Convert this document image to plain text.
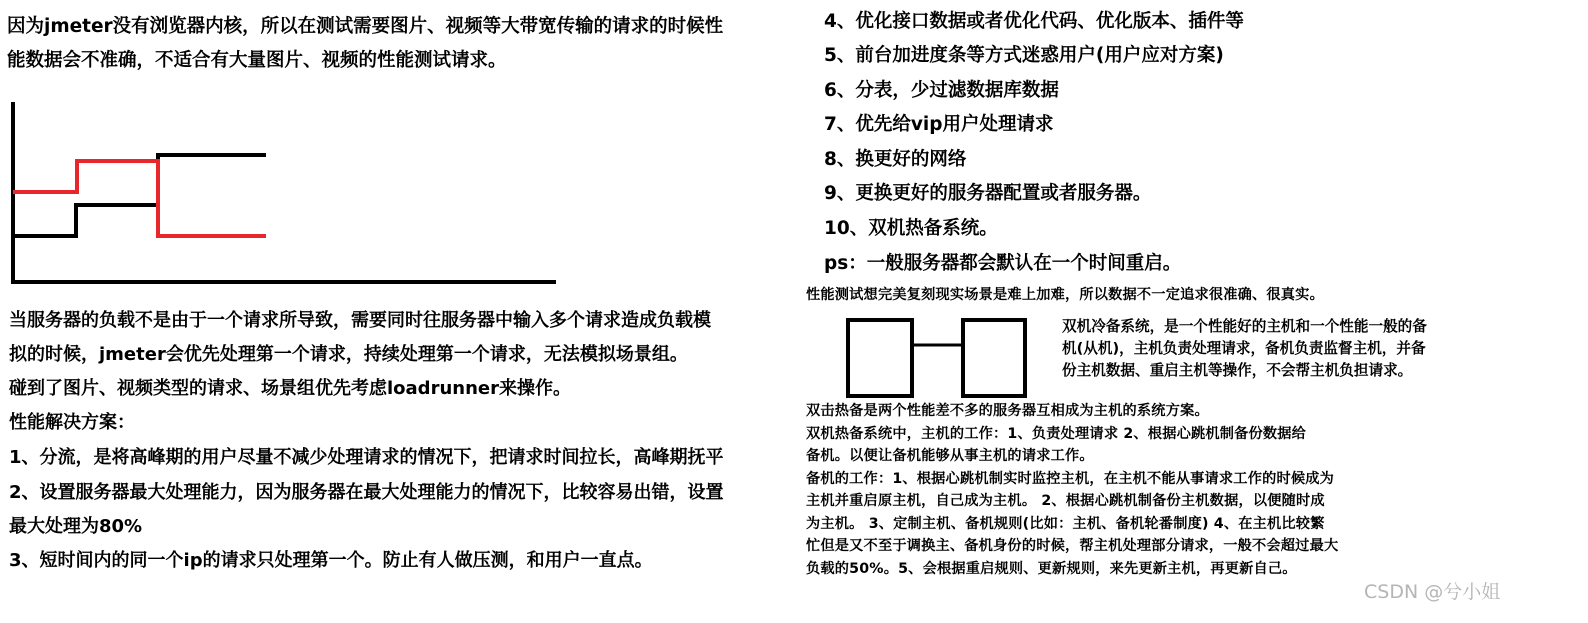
因为jmeter没有浏览器内核，所以在测试需要图片、视频等大带宽传输的请求的时候性
能数据会不准确，不适合有大量图片、视频的性能测试请求。
当服务器的负载不是由于一个请求所导致，需要同时往服务器中输入多个请求造成负载模
拟的时候，jmeter会优先处理第一个请求，持续处理第一个请求，无法模拟场景组。
碰到了图片、视频类型的请求、场景组优先考虑loadrunner来操作。
性能解决方案：
1、分流，是将高峰期的用户尽量不减少处理请求的情况下，把请求时间拉长，高峰期抚平
2、设置服务器最大处理能力，因为服务器在最大处理能力的情况下，比较容易出错，设置
最大处理为80%
3、短时间内的同一个ip的请求只处理第一个。防止有人做压测，和用户一直点。
4、优化接口数据或者优化代码、优化版本、插件等
5、前台加进度条等方式迷惑用户(用户应对方案)
6、分表，少过滤数据库数据
7、优先给vip用户处理请求
8、换更好的网络
9、更换更好的服务器配置或者服务器。
10、双机热备系统。
ps：一般服务器都会默认在一个时间重启。
性能测试想完美复刻现实场景是难上加难，所以数据不一定追求很准确、很真实。
双机冷备系统，是一个性能好的主机和一个性能一般的备
机(从机)，主机负责处理请求，备机负责监督主机，并备
份主机数据、重启主机等操作，不会帮主机负担请求。
双击热备是两个性能差不多的服务器互相成为主机的系统方案。
双机热备系统中，主机的工作：1、负责处理请求 2、根据心跳机制备份数据给
备机。以便让备机能够从事主机的请求工作。
备机的工作：1、根据心跳机制实时监控主机，在主机不能从事请求工作的时候成为
主机并重启原主机，自己成为主机。 2、根据心跳机制备份主机数据，以便随时成
为主机。 3、定制主机、备机规则(比如：主机、备机轮番制度) 4、在主机比较繁
忙但是又不至于调换主、备机身份的时候，帮主机处理部分请求，一般不会超过最大
负载的50%。5、会根据重启规则、更新规则，来先更新主机，再更新自己。
CSDN @兮小姐
